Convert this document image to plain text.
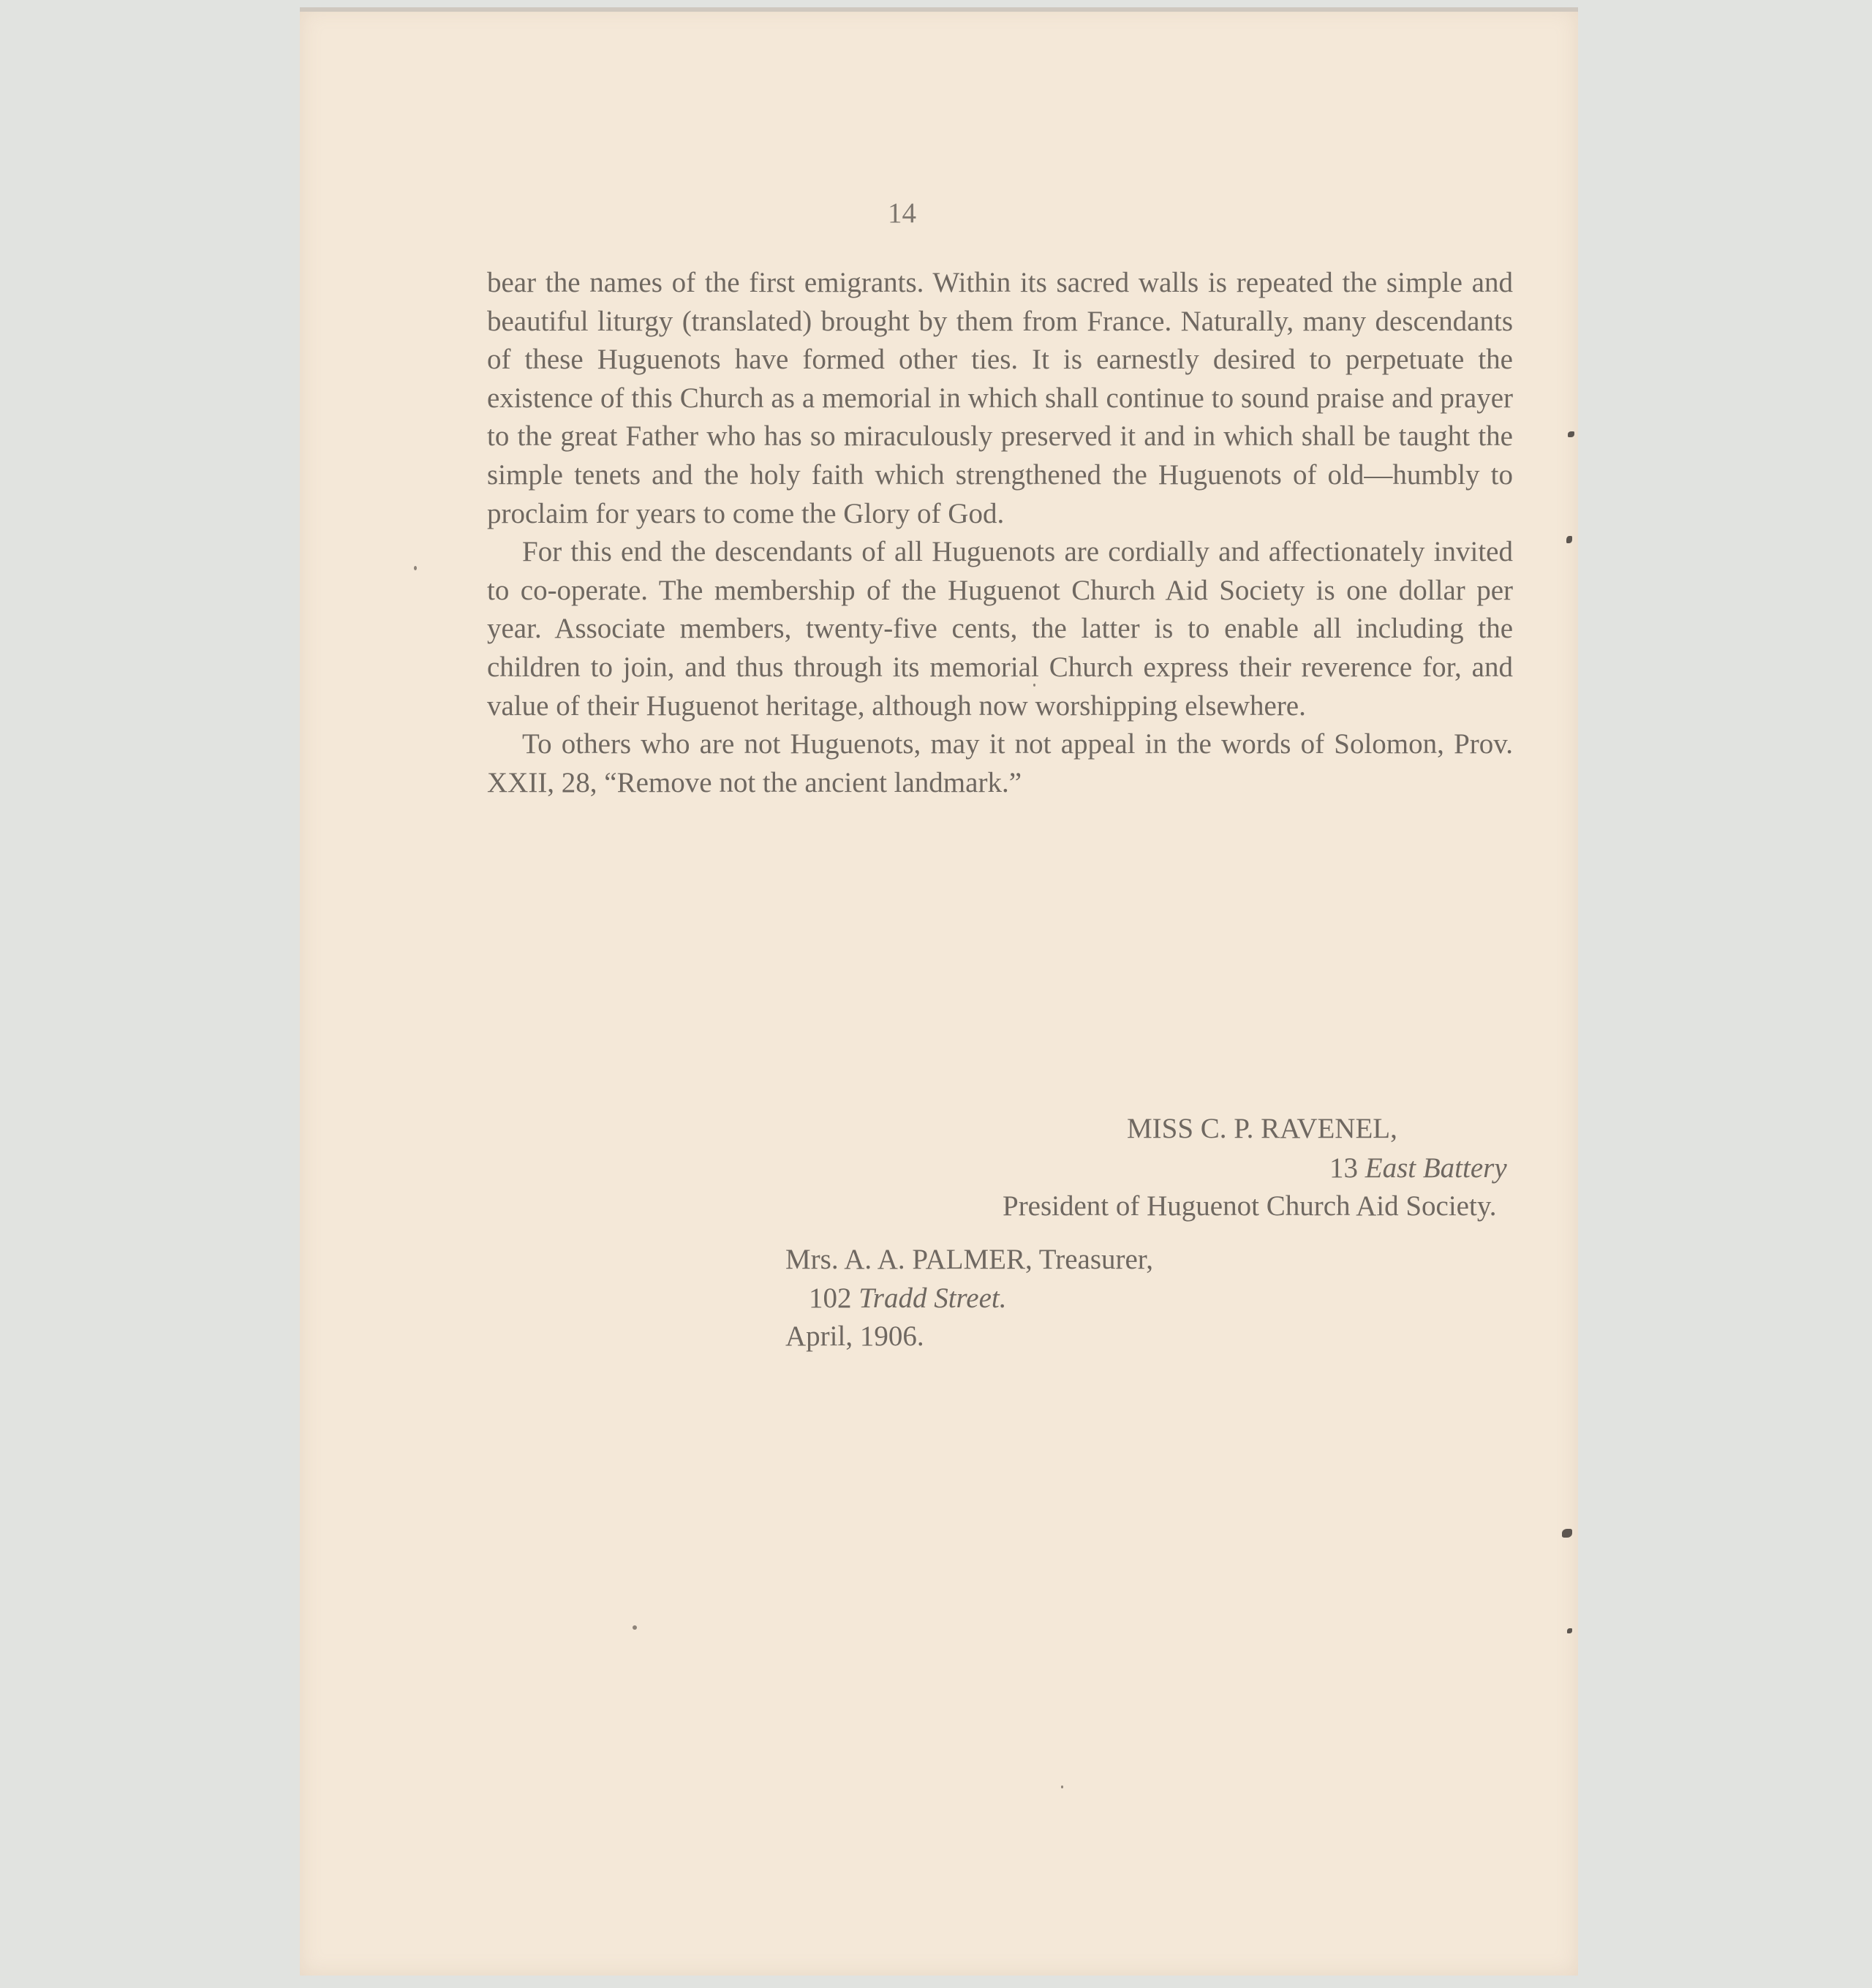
14

bear the names of the first emigrants. Within its sacred walls is repeated the simple and beautiful liturgy (translated) brought by them from France. Naturally, many descendants of these Huguenots have formed other ties. It is earnestly desired to perpetuate the existence of this Church as a memorial in which shall continue to sound praise and prayer to the great Father who has so miraculously preserved it and in which shall be taught the simple tenets and the holy faith which strengthened the Huguenots of old—humbly to proclaim for years to come the Glory of God.

For this end the descendants of all Huguenots are cordially and affectionately invited to co-operate. The membership of the Huguenot Church Aid Society is one dollar per year. Associate members, twenty-five cents, the latter is to enable all including the children to join, and thus through its memorial Church express their reverence for, and value of their Huguenot heritage, although now worshipping elsewhere.

To others who are not Huguenots, may it not appeal in the words of Solomon, Prov. XXII, 28, “Remove not the ancient landmark.”

MISS C. P. RAVENEL,
13 East Battery
President of Huguenot Church Aid Society.
Mrs. A. A. PALMER, Treasurer,
102 Tradd Street.
April, 1906.
